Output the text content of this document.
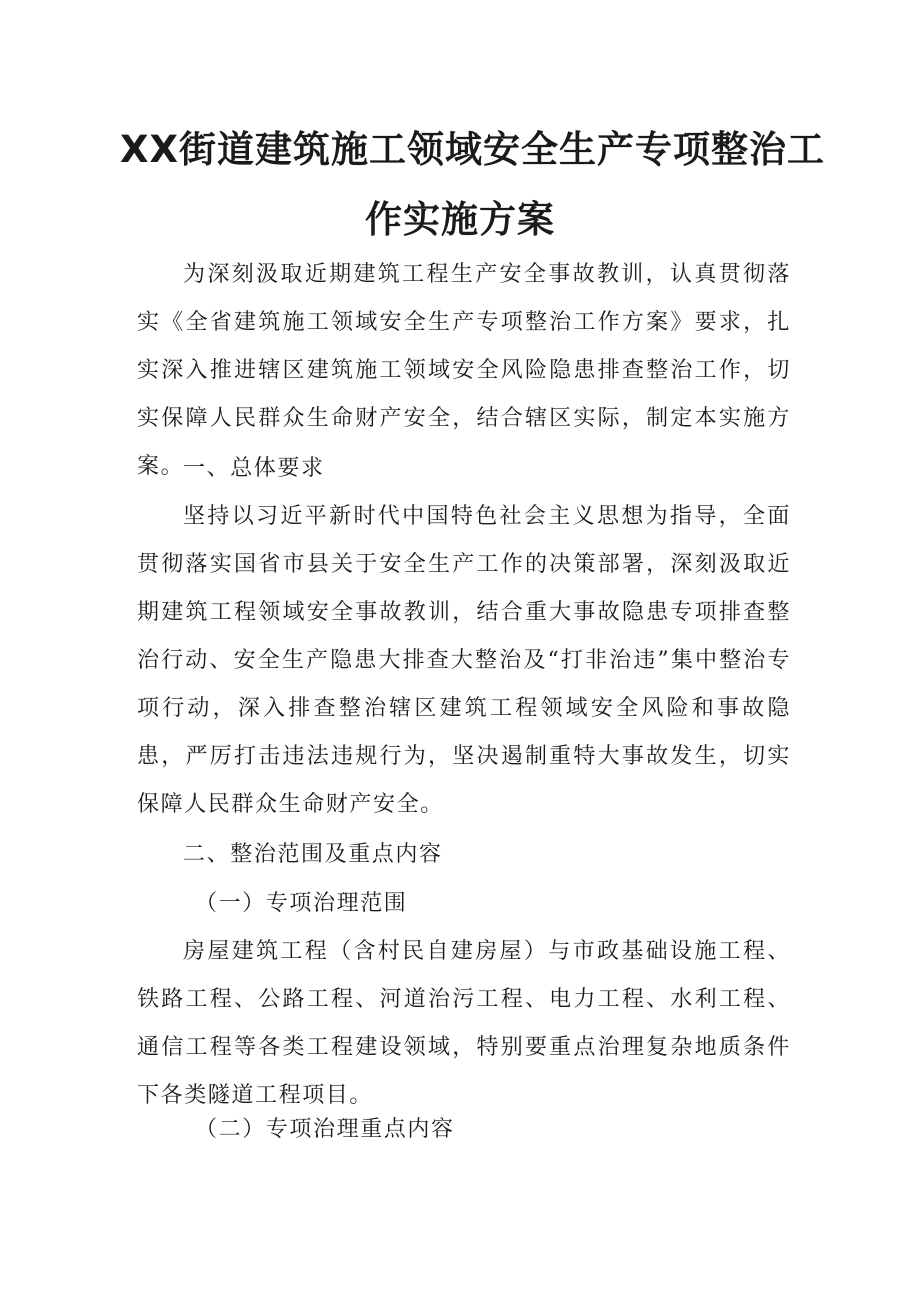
XX街道建筑施工领域安全生产专项整治工
作实施方案
为深刻汲取近期建筑工程生产安全事故教训，认真贯彻落实《全省建筑施工领域安全生产专项整治工作方案》要求，扎实深入推进辖区建筑施工领域安全风险隐患排查整治工作，切实保障人民群众生命财产安全，结合辖区实际，制定本实施方案。
一、总体要求
坚持以习近平新时代中国特色社会主义思想为指导，全面贯彻落实国省市县关于安全生产工作的决策部署，深刻汲取近期建筑工程领域安全事故教训，结合重大事故隐患专项排查整治行动、安全生产隐患大排查大整治及“打非治违”集中整治专项行动，深入排查整治辖区建筑工程领域安全风险和事故隐患，严厉打击违法违规行为，坚决遏制重特大事故发生，切实保障人民群众生命财产安全。
二、整治范围及重点内容
（一）专项治理范围
房屋建筑工程（含村民自建房屋）与市政基础设施工程、铁路工程、公路工程、河道治污工程、电力工程、水利工程、通信工程等各类工程建设领域，特别要重点治理复杂地质条件下各类隧道工程项目。
（二）专项治理重点内容
